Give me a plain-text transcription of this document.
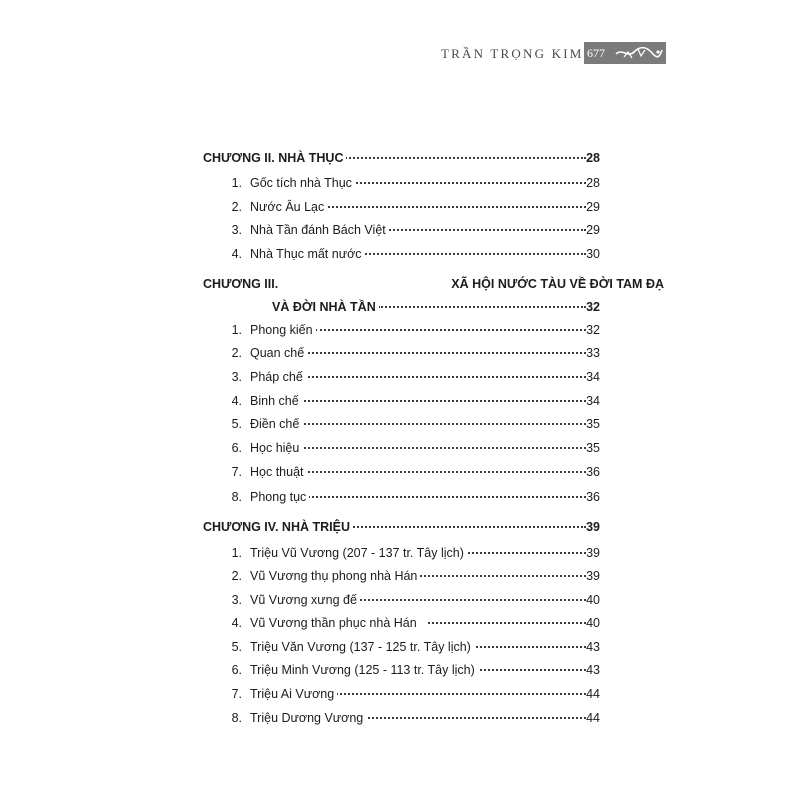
TRẦN TRỌNG KIM 677
CHƯƠNG II. NHÀ THỤC	28
1. Gốc tích nhà Thục	28
2. Nước Âu Lạc	29
3. Nhà Tần đánh Bách Việt	29
4. Nhà Thục mất nước	30
CHƯƠNG III.	XÃ HỘI NƯỚC TÀU VỀ ĐỜI TAM ĐẠ
VÀ ĐỜI NHÀ TẦN	32
1. Phong kiến	32
2. Quan chế	33
3. Pháp chế	34
4. Binh chế	34
5. Điền chế	35
6. Học hiệu	35
7. Học thuật	36
8. Phong tục	36
CHƯƠNG IV. NHÀ TRIỆU	39
1. Triệu Vũ Vương (207 - 137 tr. Tây lịch)	39
2. Vũ Vương thụ phong nhà Hán	39
3. Vũ Vương xưng đế	40
4. Vũ Vương thần phục nhà Hán	40
5. Triệu Văn Vương (137 - 125 tr. Tây lịch)	43
6. Triệu Minh Vương (125 - 113 tr. Tây lịch)	43
7. Triệu Ai Vương	44
8. Triệu Dương Vương	44
